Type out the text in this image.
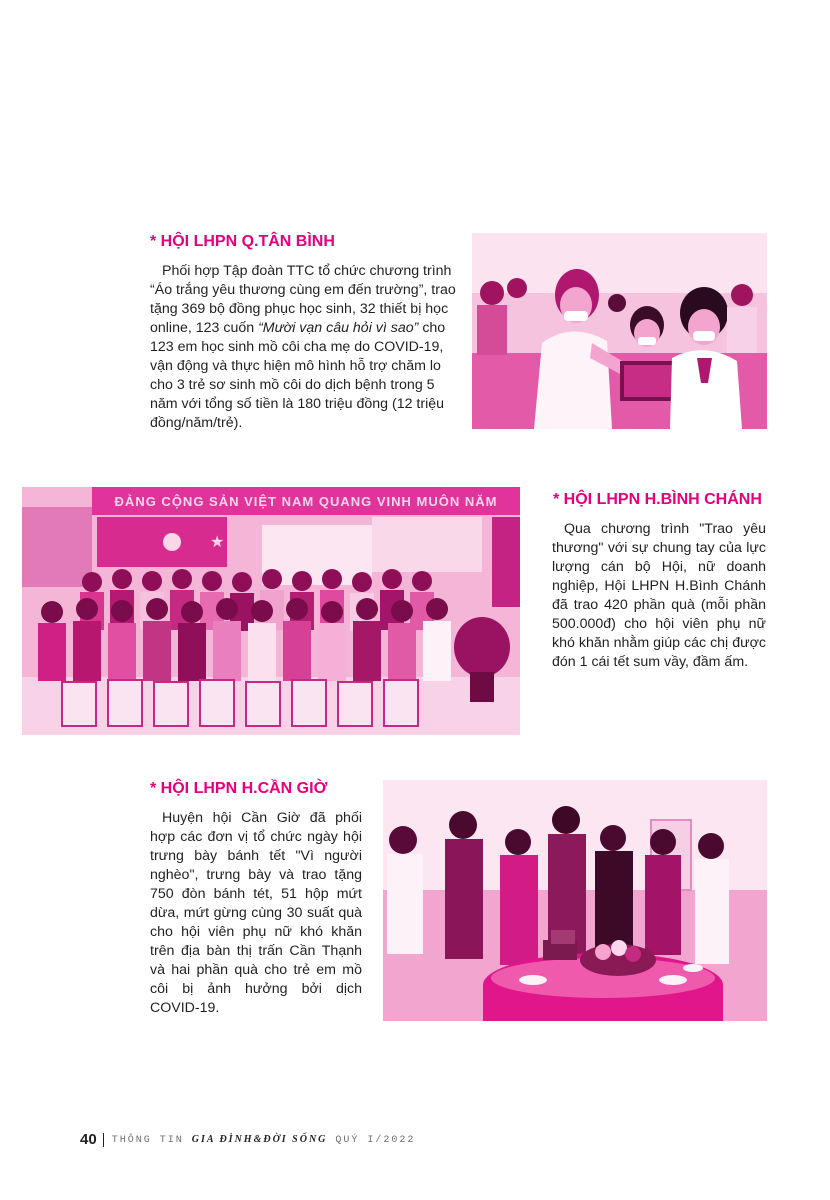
* HỘI LHPN Q.TÂN BÌNH

Phối hợp Tập đoàn TTC tổ chức chương trình “Áo trắng yêu thương cùng em đến trường”, trao tặng 369 bộ đồng phục học sinh, 32 thiết bị học online, 123 cuốn “Mười vạn câu hỏi vì sao” cho 123 em học sinh mồ côi cha mẹ do COVID-19, vận động và thực hiện mô hình hỗ trợ chăm lo cho 3 trẻ sơ sinh mồ côi do dịch bệnh trong 5 năm với tổng số tiền là 180 triệu đồng (12 triệu đồng/năm/trẻ).

ĐẢNG CỘNG SẢN VIỆT NAM QUANG VINH MUÔN NĂM
★
* HỘI LHPN H.BÌNH CHÁNH

Qua chương trình "Trao yêu thương" với sự chung tay của lực lượng cán bộ Hội, nữ doanh nghiệp, Hội LHPN H.Bình Chánh đã trao 420 phần quà (mỗi phần 500.000đ) cho hội viên phụ nữ khó khăn nhằm giúp các chị được đón 1 cái tết sum vầy, đầm ấm.

* HỘI LHPN H.CẦN GIỜ

Huyện hội Cần Giờ đã phối hợp các đơn vị tổ chức ngày hội trưng bày bánh tết "Vì người nghèo", trưng bày và trao tặng 750 đòn bánh tét, 51 hộp mứt dừa, mứt gừng cùng 30 suất quà cho hội viên phụ nữ khó khăn trên địa bàn thị trấn Cần Thạnh và hai phần quà cho trẻ em mồ côi bị ảnh hưởng bởi dịch COVID-19.

40 THÔNG TIN GIA ĐÌNH&ĐỜI SỐNG QUÝ I/2022
